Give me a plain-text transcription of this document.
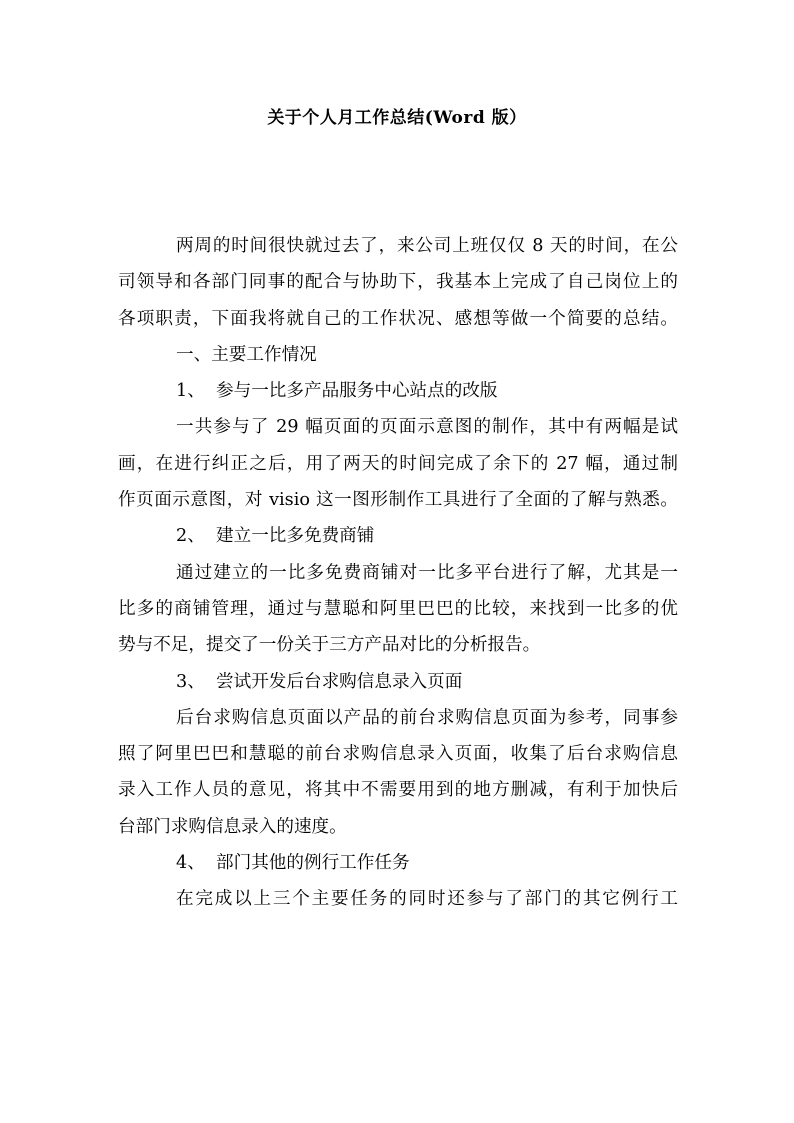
关于个人月工作总结(Word 版）
两周的时间很快就过去了，来公司上班仅仅 8 天的时间，在公
司领导和各部门同事的配合与协助下，我基本上完成了自己岗位上的
各项职责，下面我将就自己的工作状况、感想等做一个简要的总结。
一、主要工作情况
1、 参与一比多产品服务中心站点的改版
一共参与了 29 幅页面的页面示意图的制作，其中有两幅是试
画，在进行纠正之后，用了两天的时间完成了余下的 27 幅，通过制
作页面示意图，对 visio 这一图形制作工具进行了全面的了解与熟悉。
2、 建立一比多免费商铺
通过建立的一比多免费商铺对一比多平台进行了解，尤其是一
比多的商铺管理，通过与慧聪和阿里巴巴的比较，来找到一比多的优
势与不足，提交了一份关于三方产品对比的分析报告。
3、 尝试开发后台求购信息录入页面
后台求购信息页面以产品的前台求购信息页面为参考，同事参
照了阿里巴巴和慧聪的前台求购信息录入页面，收集了后台求购信息
录入工作人员的意见，将其中不需要用到的地方删减，有利于加快后
台部门求购信息录入的速度。
4、 部门其他的例行工作任务
在完成以上三个主要任务的同时还参与了部门的其它例行工
